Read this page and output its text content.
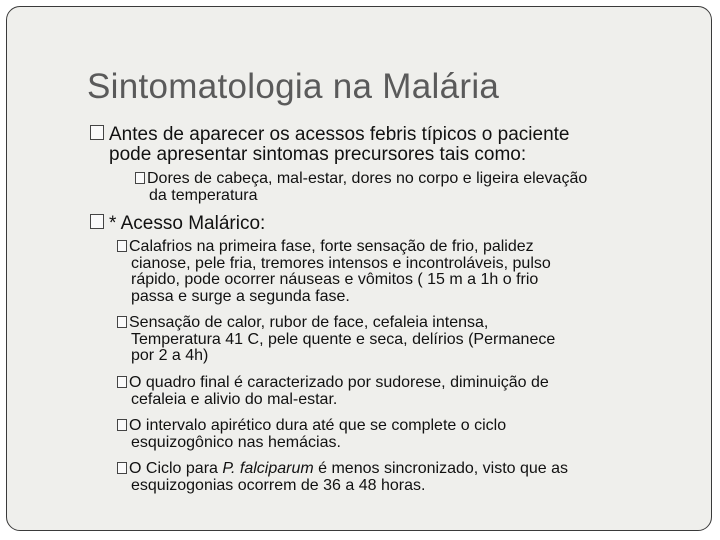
Sintomatologia na Malária
Antes de aparecer os acessos febris típicos o paciente
pode apresentar sintomas precursores tais como:
Dores de cabeça, mal-estar, dores no corpo e ligeira elevação
da temperatura
* Acesso Malárico:
Calafrios na primeira fase, forte sensação de frio, palidez
cianose, pele fria, tremores intensos e incontroláveis, pulso
rápido, pode ocorrer náuseas e vômitos ( 15 m a 1h o frio
passa e surge a segunda fase.
Sensação de calor, rubor de face, cefaleia intensa,
Temperatura 41 C, pele quente e seca, delírios (Permanece
por 2 a 4h)
O quadro final é caracterizado por sudorese, diminuição de
cefaleia e alivio do mal-estar.
O intervalo apirético dura até que se complete o ciclo
esquizogônico nas hemácias.
O Ciclo para P. falciparum é menos sincronizado, visto que as
esquizogonias ocorrem de 36 a 48 horas.
